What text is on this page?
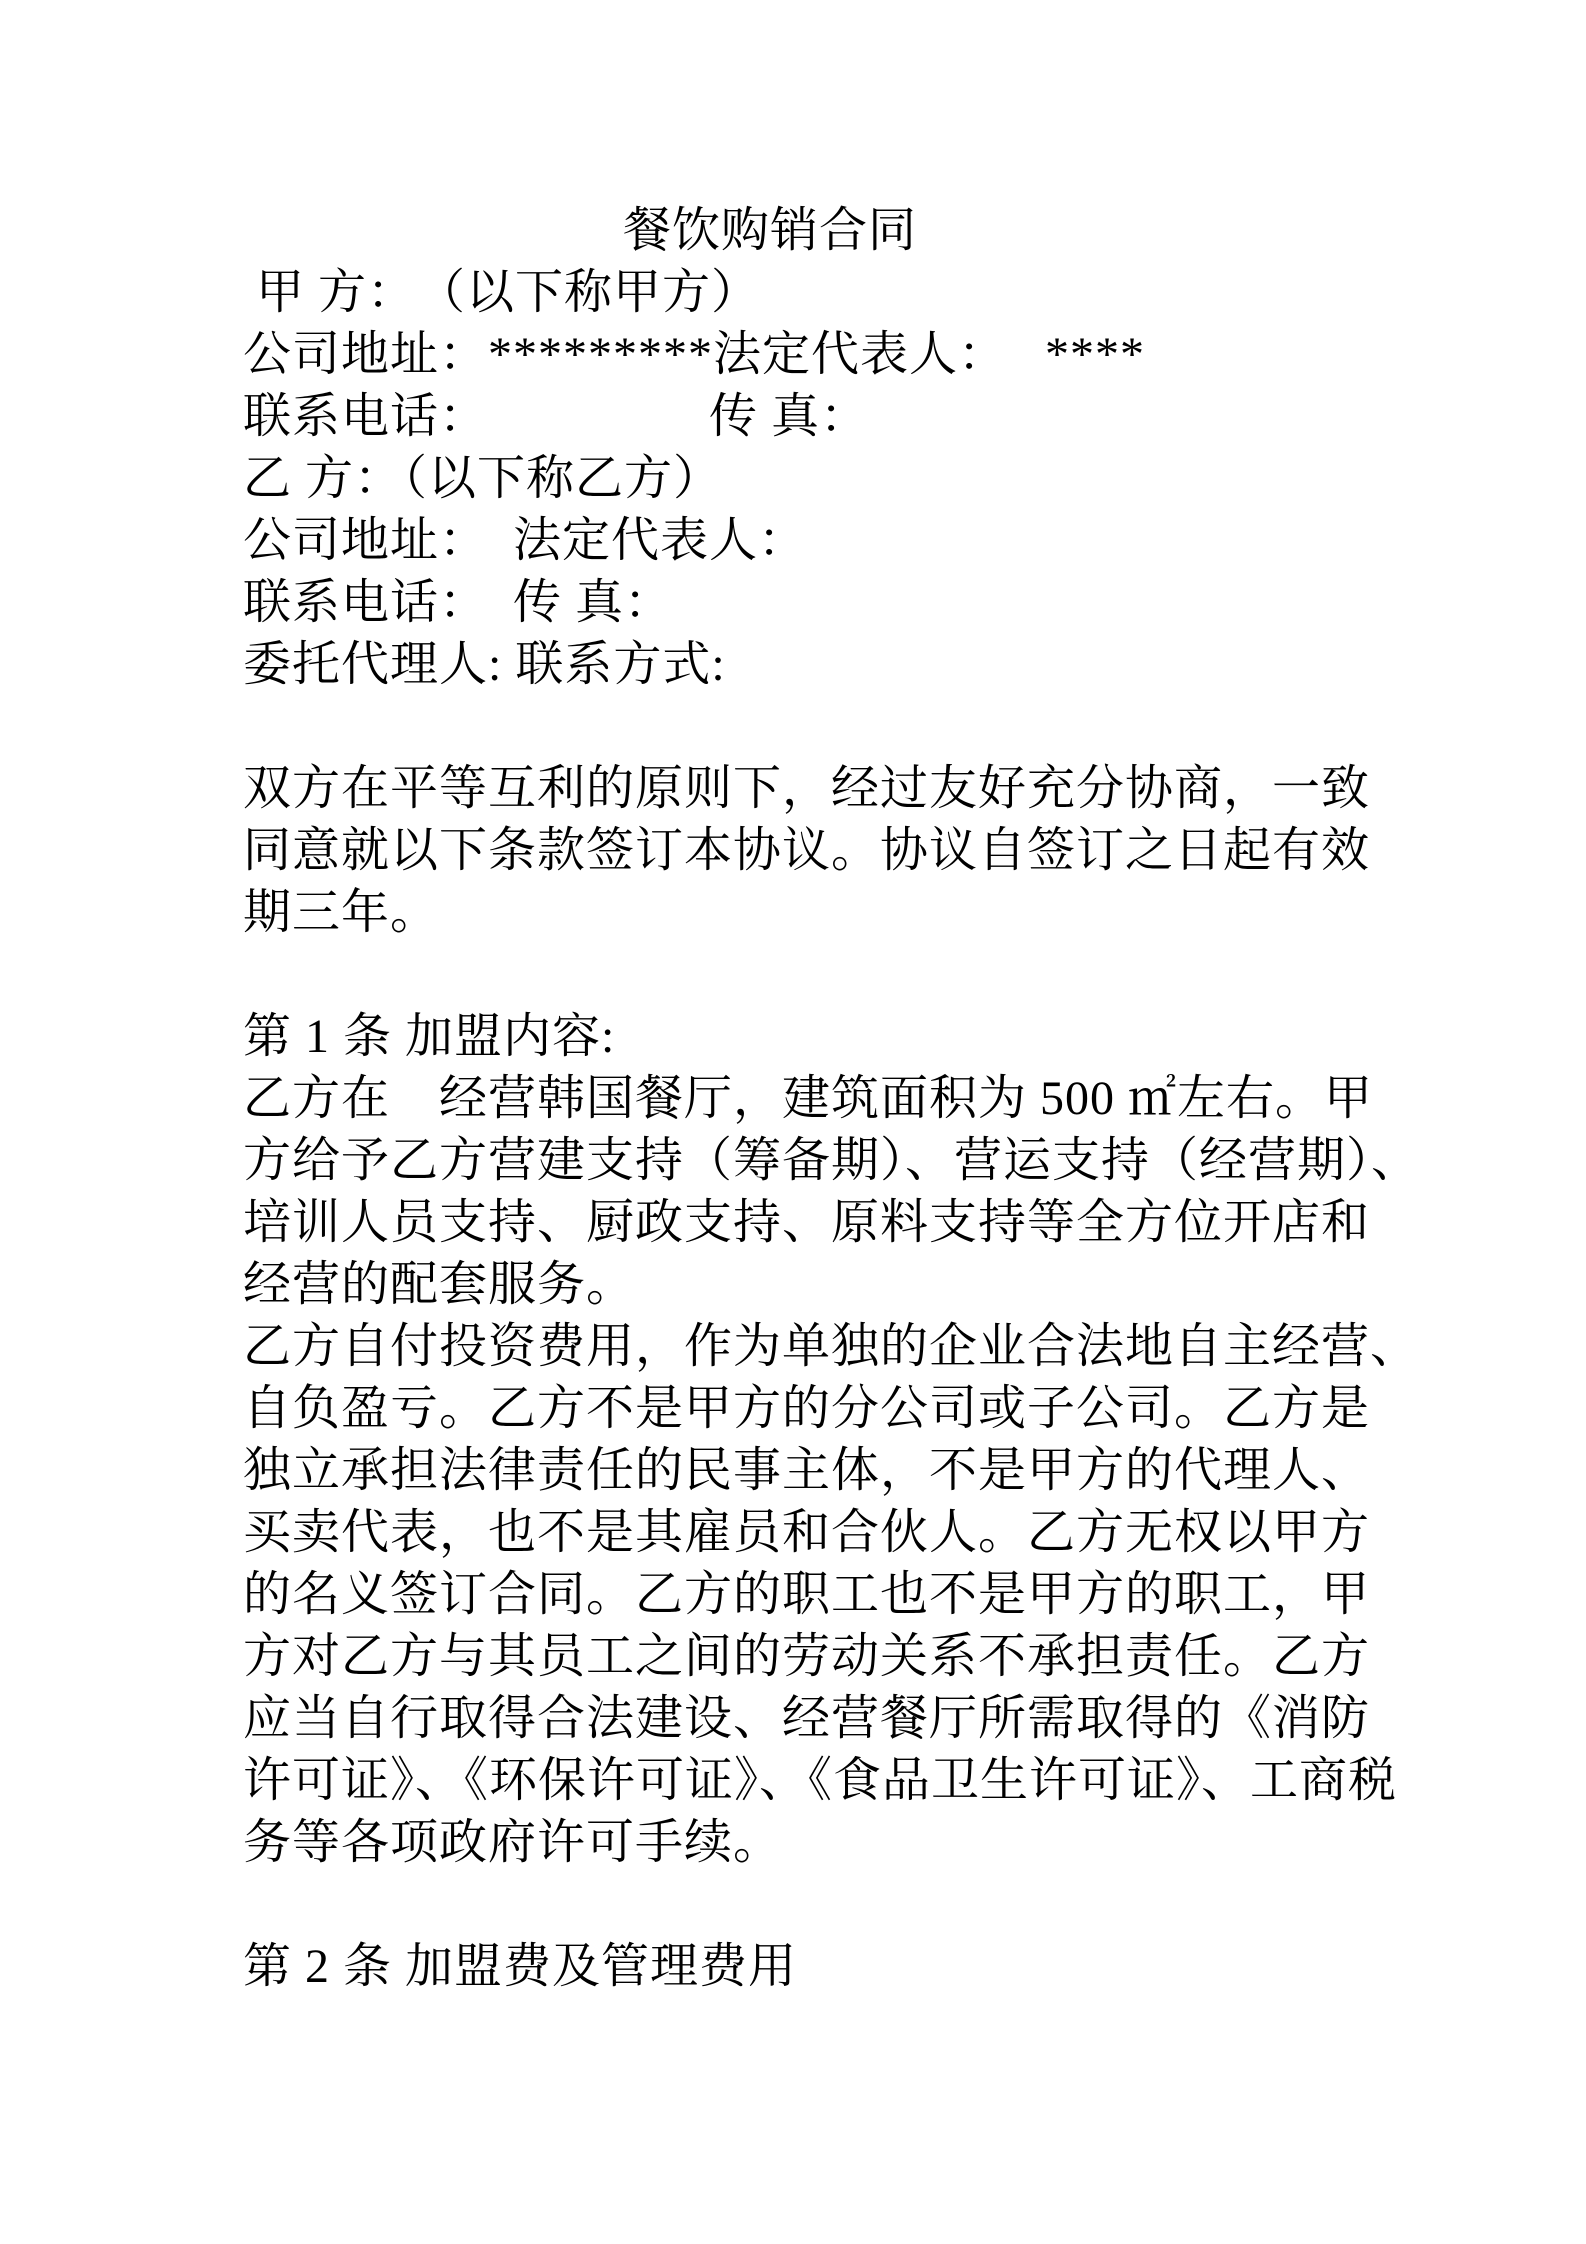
餐饮购销合同
甲 方：　（以下称甲方）
公司地址：*********法定代表人：　 ****
联系电话：　　　　　传 真：
乙 方：（以下称乙方）
公司地址：　法定代表人：
联系电话：　传 真：
委托代理人: 联系方式:

双方在平等互利的原则下，经过友好充分协商，一致
同意就以下条款签订本协议。协议自签订之日起有效
期三年。

第 1 条 加盟内容:
乙方在　经营韩国餐厅，建筑面积为 500 ㎡左右。甲
方给予乙方营建支持（筹备期）、营运支持（经营期）、
培训人员支持、厨政支持、原料支持等全方位开店和
经营的配套服务。
乙方自付投资费用，作为单独的企业合法地自主经营、
自负盈亏。乙方不是甲方的分公司或子公司。乙方是
独立承担法律责任的民事主体，不是甲方的代理人、
买卖代表，也不是其雇员和合伙人。乙方无权以甲方
的名义签订合同。乙方的职工也不是甲方的职工，甲
方对乙方与其员工之间的劳动关系不承担责任。乙方
应当自行取得合法建设、经营餐厅所需取得的《消防
许可证》、《环保许可证》、《食品卫生许可证》、工商税
务等各项政府许可手续。

第 2 条 加盟费及管理费用
